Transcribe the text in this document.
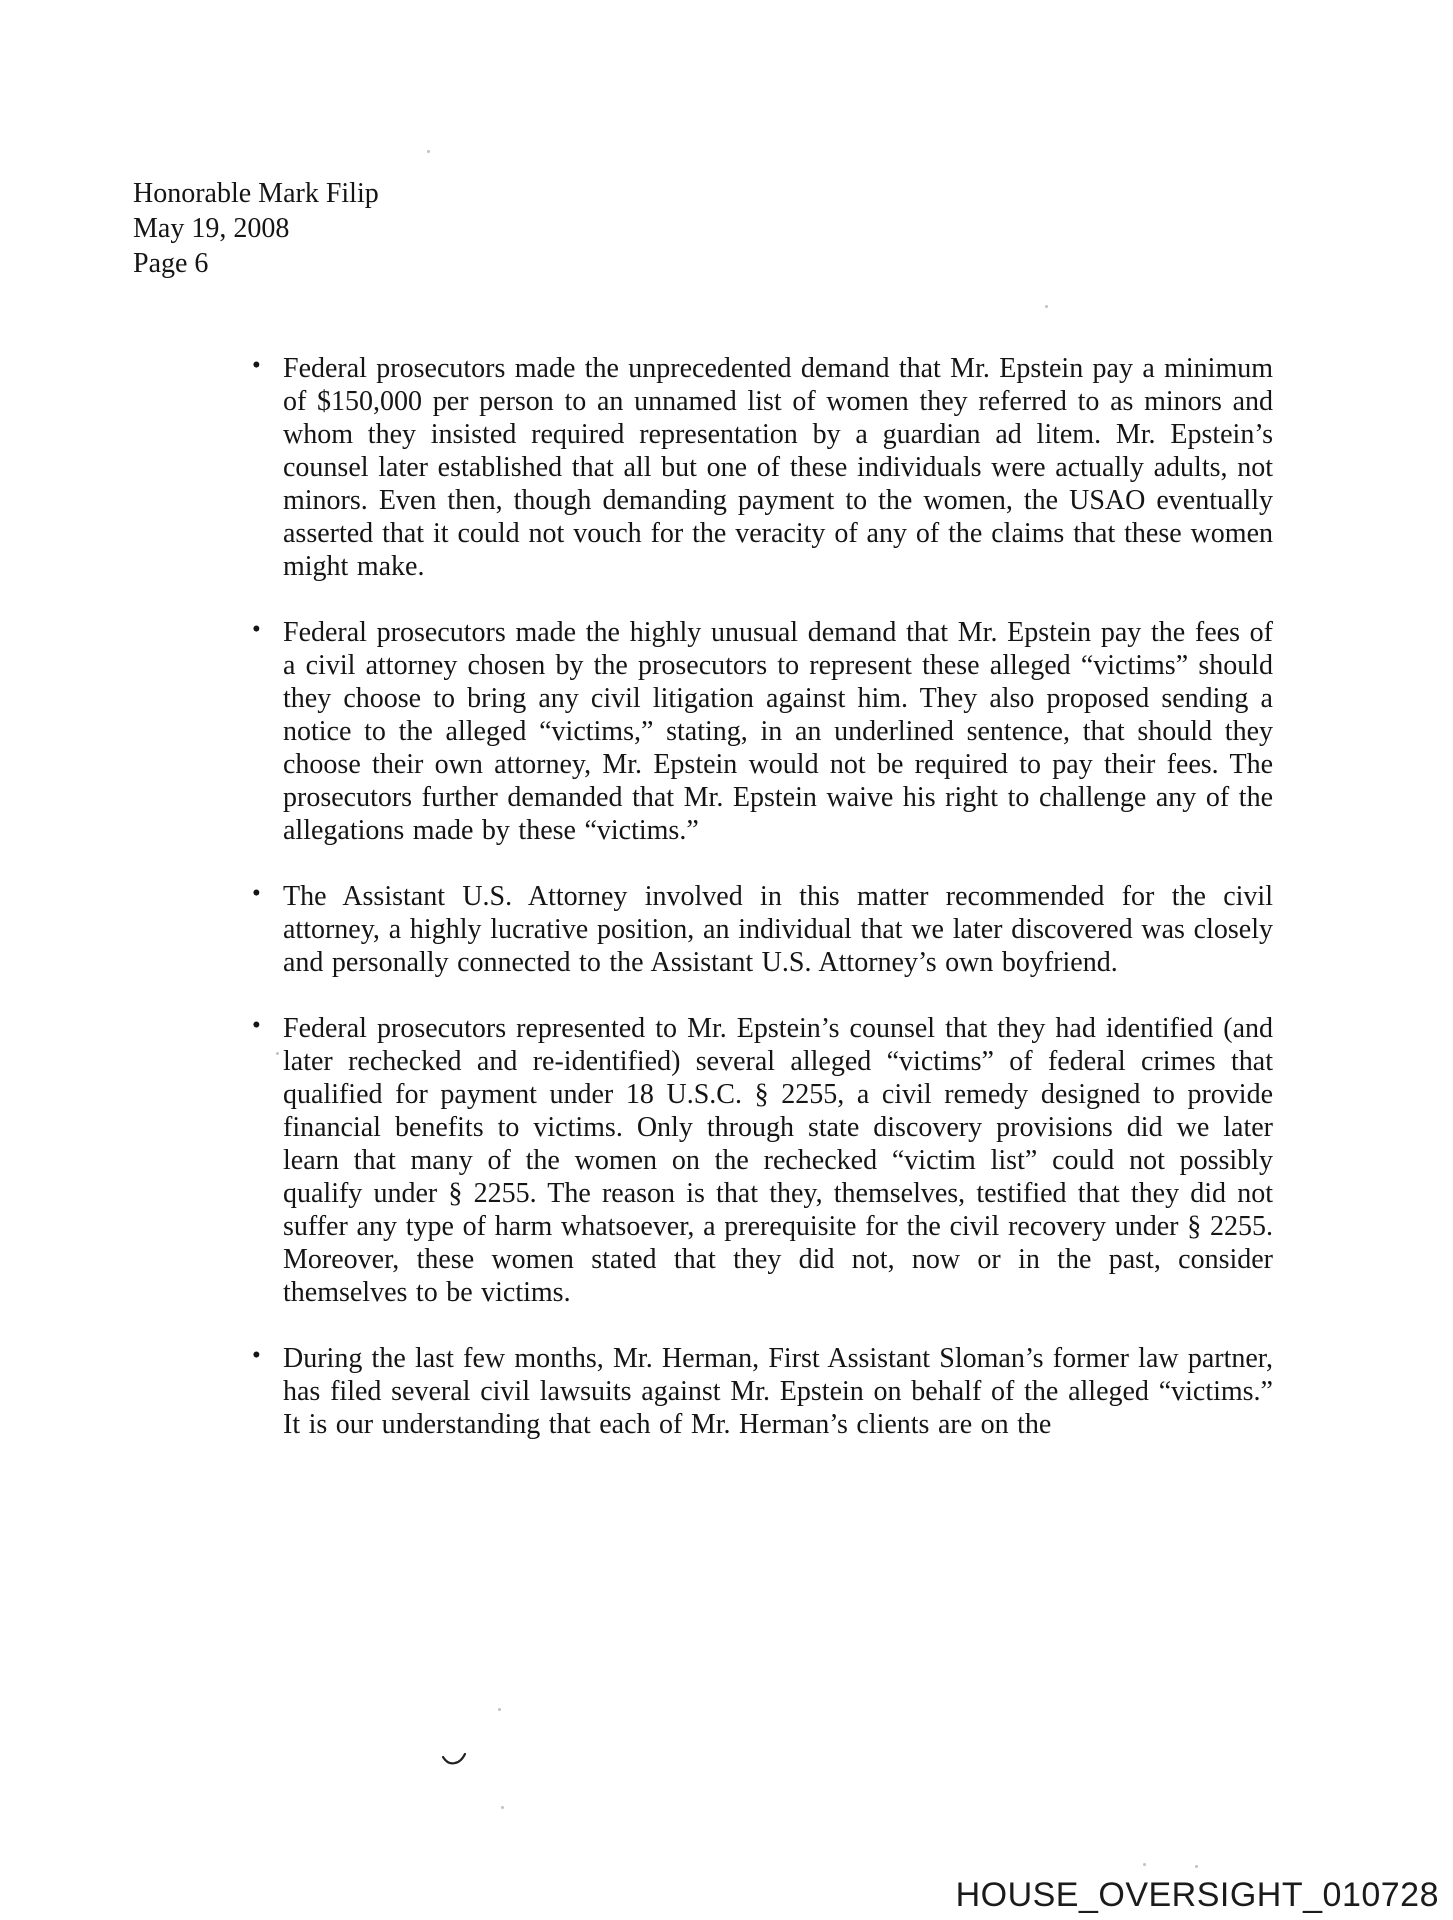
Honorable Mark Filip
May 19, 2008
Page 6
• Federal prosecutors made the unprecedented demand that Mr. Epstein pay a minimum of $150,000 per person to an unnamed list of women they referred to as minors and whom they insisted required representation by a guardian ad litem. Mr. Epstein’s counsel later established that all but one of these individuals were actually adults, not minors. Even then, though demanding payment to the women, the USAO eventually asserted that it could not vouch for the veracity of any of the claims that these women might make.
• Federal prosecutors made the highly unusual demand that Mr. Epstein pay the fees of a civil attorney chosen by the prosecutors to represent these alleged “victims” should they choose to bring any civil litigation against him. They also proposed sending a notice to the alleged “victims,” stating, in an underlined sentence, that should they choose their own attorney, Mr. Epstein would not be required to pay their fees. The prosecutors further demanded that Mr. Epstein waive his right to challenge any of the allegations made by these “victims.”
• The Assistant U.S. Attorney involved in this matter recommended for the civil attorney, a highly lucrative position, an individual that we later discovered was closely and personally connected to the Assistant U.S. Attorney’s own boyfriend.
• Federal prosecutors represented to Mr. Epstein’s counsel that they had identified (and later rechecked and re-identified) several alleged “victims” of federal crimes that qualified for payment under 18 U.S.C. § 2255, a civil remedy designed to provide financial benefits to victims. Only through state discovery provisions did we later learn that many of the women on the rechecked “victim list” could not possibly qualify under § 2255. The reason is that they, themselves, testified that they did not suffer any type of harm whatsoever, a prerequisite for the civil recovery under § 2255. Moreover, these women stated that they did not, now or in the past, consider themselves to be victims.
• During the last few months, Mr. Herman, First Assistant Sloman’s former law partner, has filed several civil lawsuits against Mr. Epstein on behalf of the alleged “victims.” It is our understanding that each of Mr. Herman’s clients are on the
HOUSE_OVERSIGHT_010728
